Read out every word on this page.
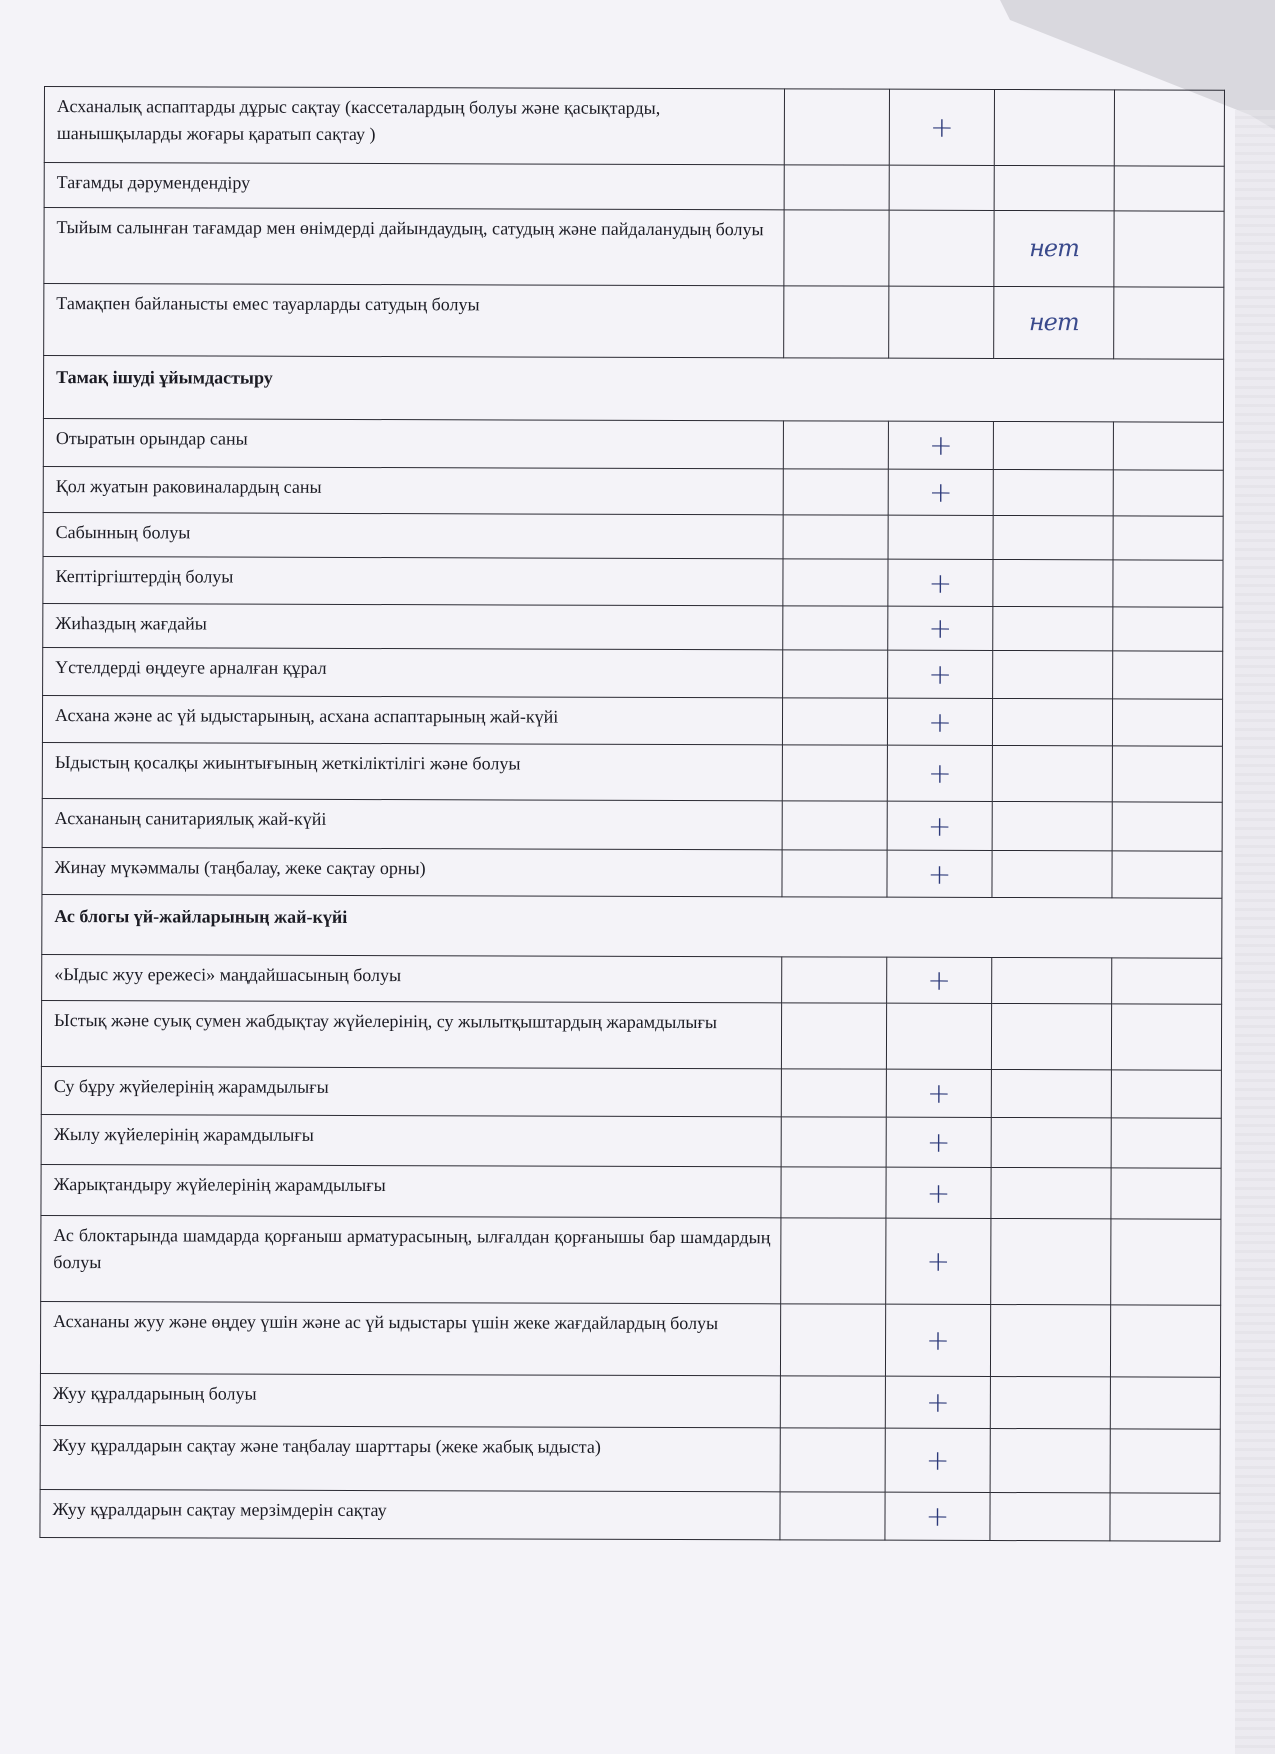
Асханалық аспаптарды дұрыс сақтау (кассеталардың болуы және қасықтарды, шанышқыларды жоғары қаратып сақтау )		+		
Тағамды дәрумендендіру				
Тыйым салынған тағамдар мен өнімдерді дайындаудың, сатудың және пайдаланудың болуы			нет	
Тамақпен байланысты емес тауарларды сатудың болуы			нет	
Тамақ ішуді ұйымдастыру				
Отыратын орындар саны		+		
Қол жуатын раковиналардың саны		+		
Сабынның болуы				
Кептіргіштердің болуы		+		
Жиһаздың жағдайы		+		
Үстелдерді өңдеуге арналған құрал		+		
Асхана және ас үй ыдыстарының, асхана аспаптарының жай-күйі		+		
Ыдыстың қосалқы жиынтығының жеткіліктілігі және болуы		+		
Асхананың санитариялық жай-күйі		+		
Жинау мүкәммалы (таңбалау, жеке сақтау орны)		+		
Ас блогы үй-жайларының жай-күйі				
«Ыдыс жуу ережесі» маңдайшасының болуы		+		
Ыстық және суық сумен жабдықтау жүйелерінің, су жылытқыштардың жарамдылығы				
Су бұру жүйелерінің жарамдылығы		+		
Жылу жүйелерінің жарамдылығы		+		
Жарықтандыру жүйелерінің жарамдылығы		+		
Ас блоктарында шамдарда қорғаныш арматурасының, ылғалдан қорғанышы бар шамдардың болуы		+		
Асхананы жуу және өңдеу үшін және ас үй ыдыстары үшін жеке жағдайлардың болуы		+		
Жуу құралдарының болуы		+		
Жуу құралдарын сақтау және таңбалау шарттары (жеке жабық ыдыста)		+		
Жуу құралдарын сақтау мерзімдерін сақтау		+		
